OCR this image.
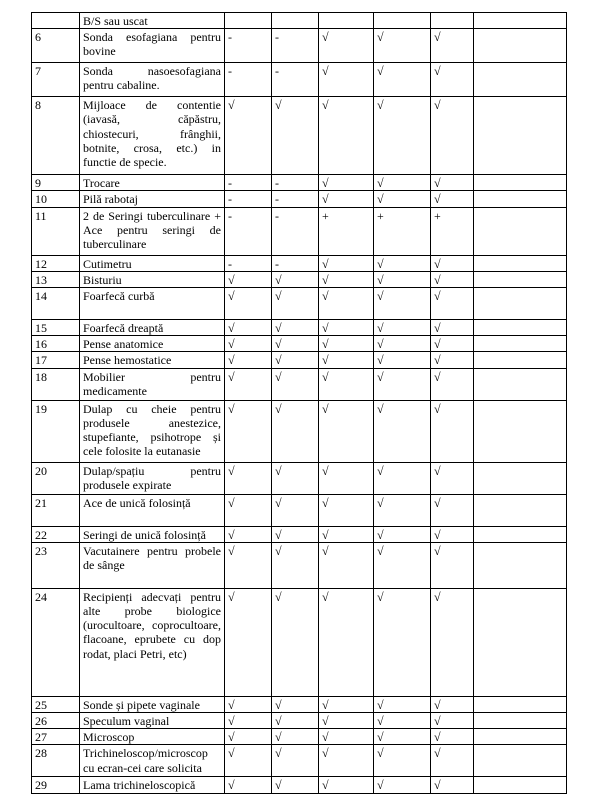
	B/S sau uscat							
6	Sonda esofagiana pentru bovine	-	-	√	√	√		
7	Sonda nasoesofagiana pentru cabaline.	-	-	√	√	√		
8	Mijloace de contentie (iavasă, căpăstru, chiostecuri, frânghii, botnite, crosa, etc.) in functie de specie.	√	√	√	√	√		
9	Trocare	-	-	√	√	√		
10	Pilă rabotaj	-	-	√	√	√		
11	2 de Seringi tuberculinare + Ace pentru seringi de tuberculinare	-	-	+	+	+		
12	Cutimetru	-	-	√	√	√		
13	Bisturiu	√	√	√	√	√		
14	Foarfecă curbă	√	√	√	√	√		
15	Foarfecă dreaptă	√	√	√	√	√		
16	Pense anatomice	√	√	√	√	√		
17	Pense hemostatice	√	√	√	√	√		
18	Mobilier pentru medicamente	√	√	√	√	√		
19	Dulap cu cheie pentru produsele anestezice, stupefiante, psihotrope și cele folosite la eutanasie	√	√	√	√	√		
20	Dulap/spațiu pentru produsele expirate	√	√	√	√	√		
21	Ace de unică folosință	√	√	√	√	√		
22	Seringi de unică folosință	√	√	√	√	√		
23	Vacutainere pentru probele de sânge	√	√	√	√	√		
24	Recipienți adecvați pentru alte probe biologice (urocultoare, coprocultoare, flacoane, eprubete cu dop rodat, placi Petri, etc)	√	√	√	√	√		
25	Sonde și pipete vaginale	√	√	√	√	√		
26	Speculum vaginal	√	√	√	√	√		
27	Microscop	√	√	√	√	√		
28	Trichineloscop/microscop cu ecran-cei care solicita	√	√	√	√	√		
29	Lama trichineloscopică	√	√	√	√	√		
